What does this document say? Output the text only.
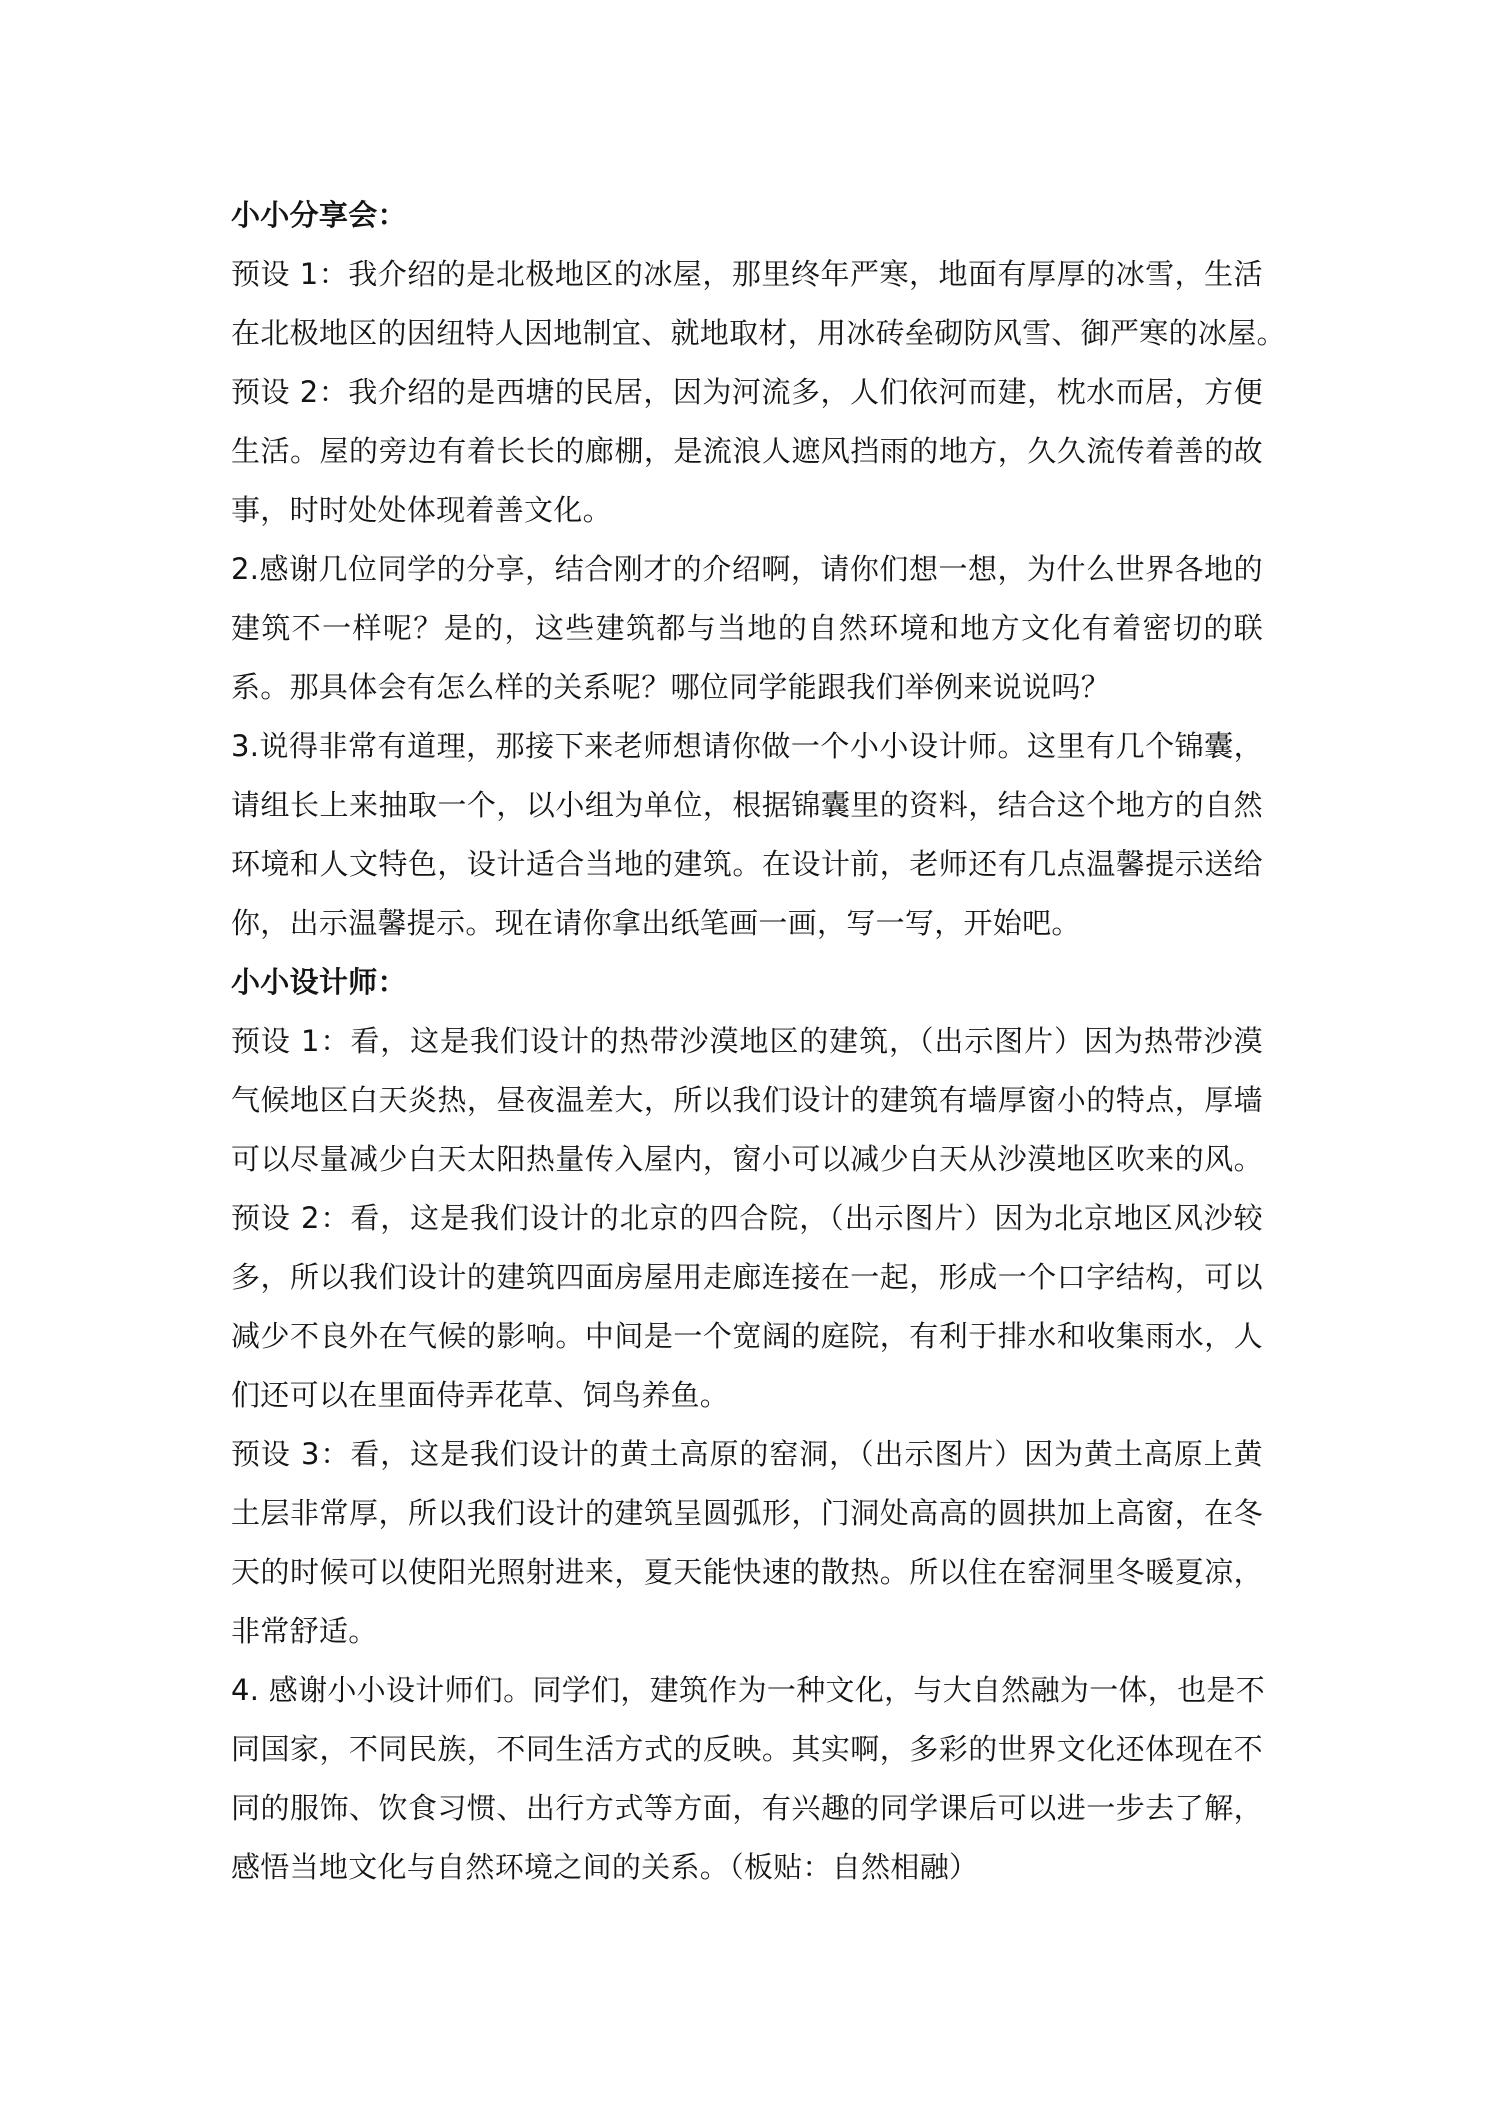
小小分享会：
预设 1：我介绍的是北极地区的冰屋，那里终年严寒，地面有厚厚的冰雪，生活
在北极地区的因纽特人因地制宜、就地取材，用冰砖垒砌防风雪、御严寒的冰屋。
预设 2：我介绍的是西塘的民居，因为河流多，人们依河而建，枕水而居，方便
生活。屋的旁边有着长长的廊棚，是流浪人遮风挡雨的地方，久久流传着善的故
事，时时处处体现着善文化。
2.感谢几位同学的分享，结合刚才的介绍啊，请你们想一想，为什么世界各地的
建筑不一样呢？是的，这些建筑都与当地的自然环境和地方文化有着密切的联
系。那具体会有怎么样的关系呢？哪位同学能跟我们举例来说说吗？
3.说得非常有道理，那接下来老师想请你做一个小小设计师。这里有几个锦囊，
请组长上来抽取一个，以小组为单位，根据锦囊里的资料，结合这个地方的自然
环境和人文特色，设计适合当地的建筑。在设计前，老师还有几点温馨提示送给
你，出示温馨提示。现在请你拿出纸笔画一画，写一写，开始吧。
小小设计师：
预设 1：看，这是我们设计的热带沙漠地区的建筑，（出示图片）因为热带沙漠
气候地区白天炎热，昼夜温差大，所以我们设计的建筑有墙厚窗小的特点，厚墙
可以尽量减少白天太阳热量传入屋内，窗小可以减少白天从沙漠地区吹来的风。
预设 2：看，这是我们设计的北京的四合院，（出示图片）因为北京地区风沙较
多，所以我们设计的建筑四面房屋用走廊连接在一起，形成一个口字结构，可以
减少不良外在气候的影响。中间是一个宽阔的庭院，有利于排水和收集雨水，人
们还可以在里面侍弄花草、饲鸟养鱼。
预设 3：看，这是我们设计的黄土高原的窑洞，（出示图片）因为黄土高原上黄
土层非常厚，所以我们设计的建筑呈圆弧形，门洞处高高的圆拱加上高窗，在冬
天的时候可以使阳光照射进来，夏天能快速的散热。所以住在窑洞里冬暖夏凉，
非常舒适。
4. 感谢小小设计师们。同学们，建筑作为一种文化，与大自然融为一体，也是不
同国家，不同民族，不同生活方式的反映。其实啊，多彩的世界文化还体现在不
同的服饰、饮食习惯、出行方式等方面，有兴趣的同学课后可以进一步去了解，
感悟当地文化与自然环境之间的关系。（板贴：自然相融）
